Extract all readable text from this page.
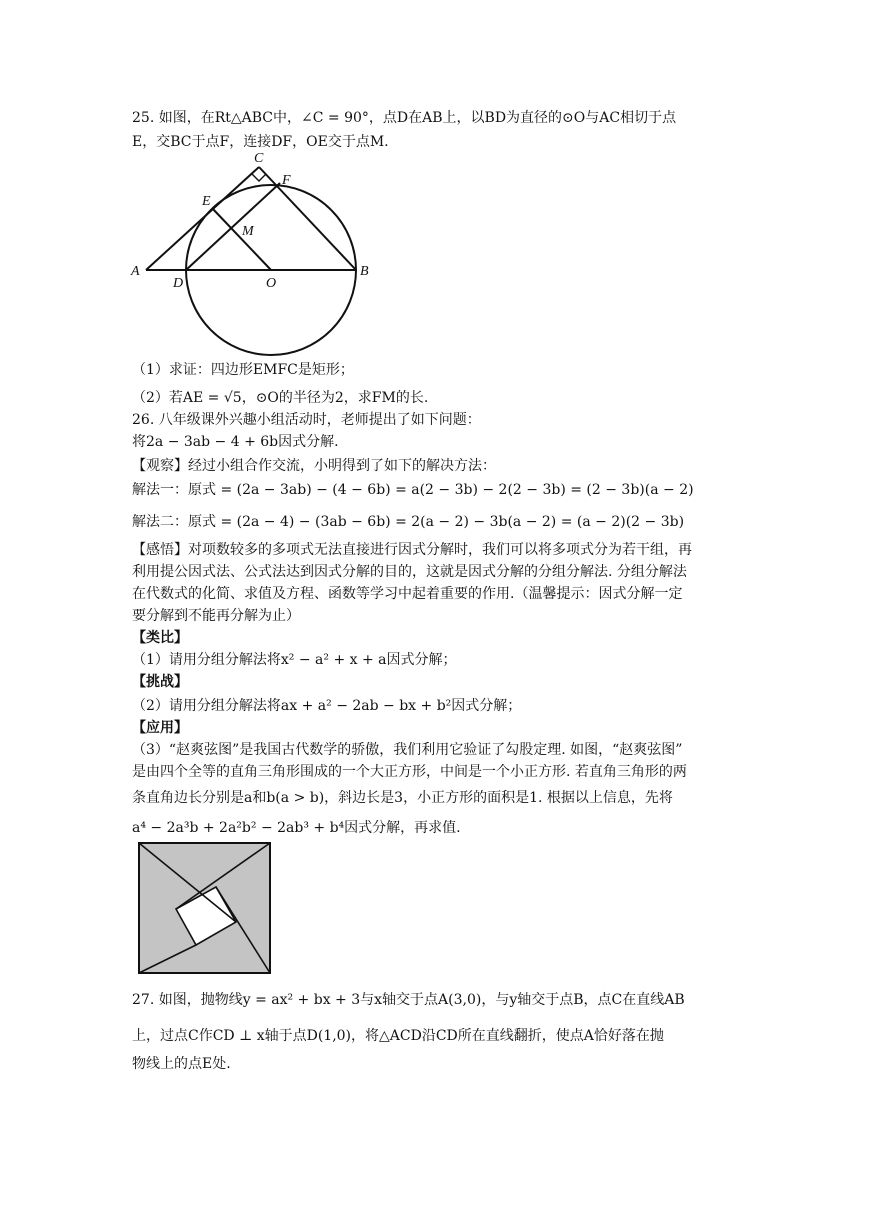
25. 如图，在Rt△ABC中，∠C = 90°，点D在AB上，以BD为直径的⊙O与AC相切于点
E，交BC于点F，连接DF，OE交于点M.
A	B
C
D
E
F
M
O
（1）求证：四边形EMFC是矩形；
（2）若AE = √5，⊙O的半径为2，求FM的长.
26. 八年级课外兴趣小组活动时，老师提出了如下问题：
将2a − 3ab − 4 + 6b因式分解.
【观察】经过小组合作交流，小明得到了如下的解决方法：
解法一：原式 = (2a − 3ab) − (4 − 6b) = a(2 − 3b) − 2(2 − 3b) = (2 − 3b)(a − 2)
解法二：原式 = (2a − 4) − (3ab − 6b) = 2(a − 2) − 3b(a − 2) = (a − 2)(2 − 3b)
【感悟】对项数较多的多项式无法直接进行因式分解时，我们可以将多项式分为若干组，再
利用提公因式法、公式法达到因式分解的目的，这就是因式分解的分组分解法. 分组分解法
在代数式的化简、求值及方程、函数等学习中起着重要的作用.（温馨提示：因式分解一定
要分解到不能再分解为止）
【类比】
（1）请用分组分解法将x² − a² + x + a因式分解；
【挑战】
（2）请用分组分解法将ax + a² − 2ab − bx + b²因式分解；
【应用】
（3）“赵爽弦图”是我国古代数学的骄傲，我们利用它验证了勾股定理. 如图，“赵爽弦图”
是由四个全等的直角三角形围成的一个大正方形，中间是一个小正方形. 若直角三角形的两
条直角边长分别是a和b(a > b)，斜边长是3，小正方形的面积是1. 根据以上信息，先将
a⁴ − 2a³b + 2a²b² − 2ab³ + b⁴因式分解，再求值.
27. 如图，抛物线y = ax² + bx + 3与x轴交于点A(3,0)，与y轴交于点B，点C在直线AB
上，过点C作CD ⊥ x轴于点D(1,0)，将△ACD沿CD所在直线翻折，使点A恰好落在抛
物线上的点E处.
